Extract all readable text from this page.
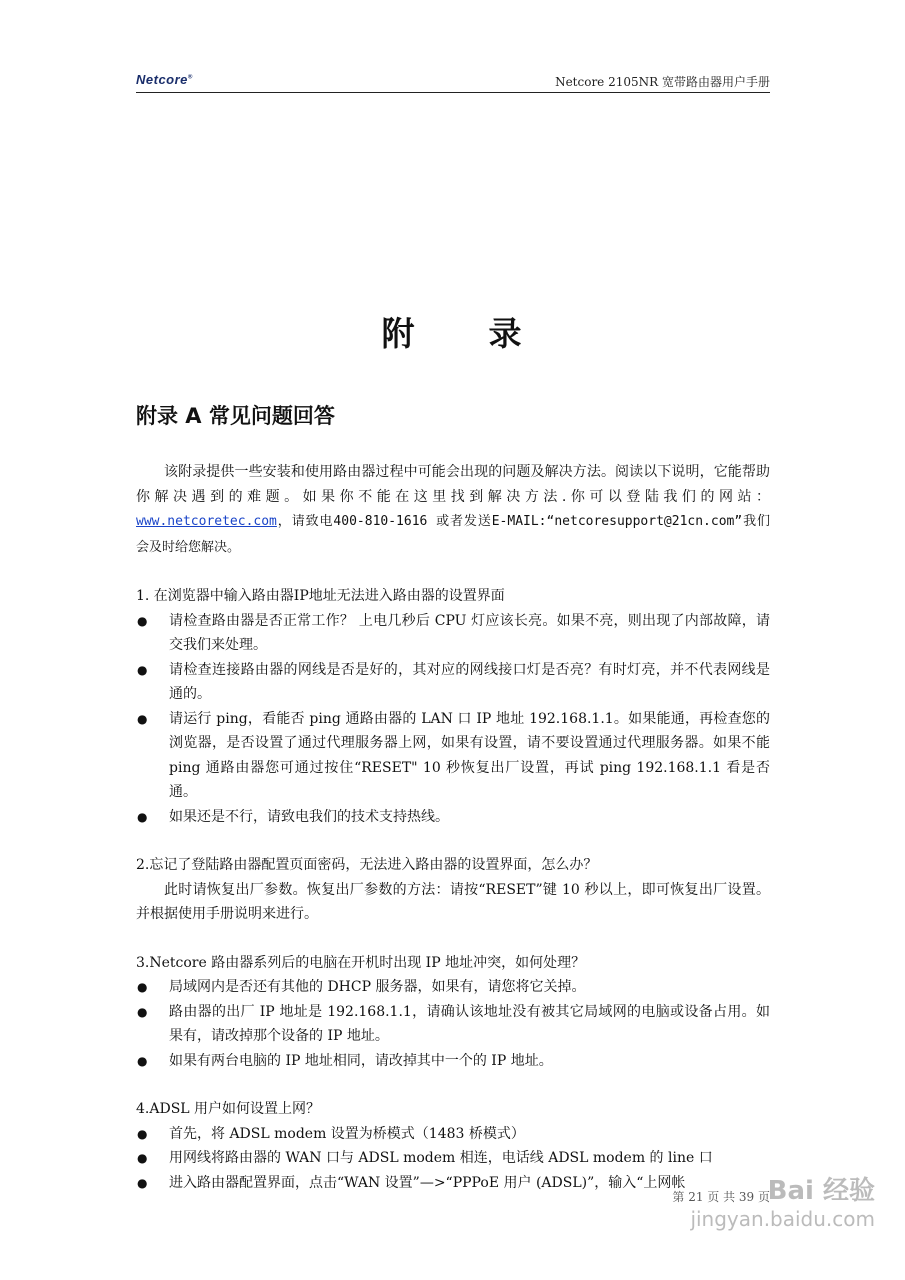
Netcore®	Netcore 2105NR 宽带路由器用户手册
附 录
附录 A 常见问题回答

该附录提供一些安装和使用路由器过程中可能会出现的问题及解决方法。阅读以下说明，它能帮助你解决遇到的难题。如果你不能在这里找到解决方法.你可以登陆我们的网站：www.netcoretec.com，请致电400-810-1616 或者发送E-MAIL:“netcoresupport@21cn.com”我们会及时给您解决。

1. 在浏览器中输入路由器IP地址无法进入路由器的设置界面

● 请检查路由器是否正常工作？ 上电几秒后 CPU 灯应该长亮。如果不亮，则出现了内部故障，请交我们来处理。
● 请检查连接路由器的网线是否是好的，其对应的网线接口灯是否亮？有时灯亮，并不代表网线是通的。
● 请运行 ping，看能否 ping 通路由器的 LAN 口 IP 地址 192.168.1.1。如果能通，再检查您的浏览器，是否设置了通过代理服务器上网，如果有设置，请不要设置通过代理服务器。如果不能 ping 通路由器您可通过按住“RESET" 10 秒恢复出厂设置，再试 ping 192.168.1.1 看是否通。
● 如果还是不行，请致电我们的技术支持热线。

2.忘记了登陆路由器配置页面密码，无法进入路由器的设置界面，怎么办？

此时请恢复出厂参数。恢复出厂参数的方法：请按“RESET”键 10 秒以上，即可恢复出厂设置。并根据使用手册说明来进行。

3.Netcore 路由器系列后的电脑在开机时出现 IP 地址冲突，如何处理？

● 局域网内是否还有其他的 DHCP 服务器，如果有，请您将它关掉。
● 路由器的出厂 IP 地址是 192.168.1.1，请确认该地址没有被其它局域网的电脑或设备占用。如果有，请改掉那个设备的 IP 地址。
● 如果有两台电脑的 IP 地址相同，请改掉其中一个的 IP 地址。

4.ADSL 用户如何设置上网？

● 首先，将 ADSL modem 设置为桥模式（1483 桥模式）
● 用网线将路由器的 WAN 口与 ADSL modem 相连，电话线 ADSL modem 的 line 口
● 进入路由器配置界面，点击“WAN 设置”—>“PPPoE 用户 (ADSL)”，输入“上网帐
第 21 页 共 39 页
Bai 经验
jingyan.baidu.com
